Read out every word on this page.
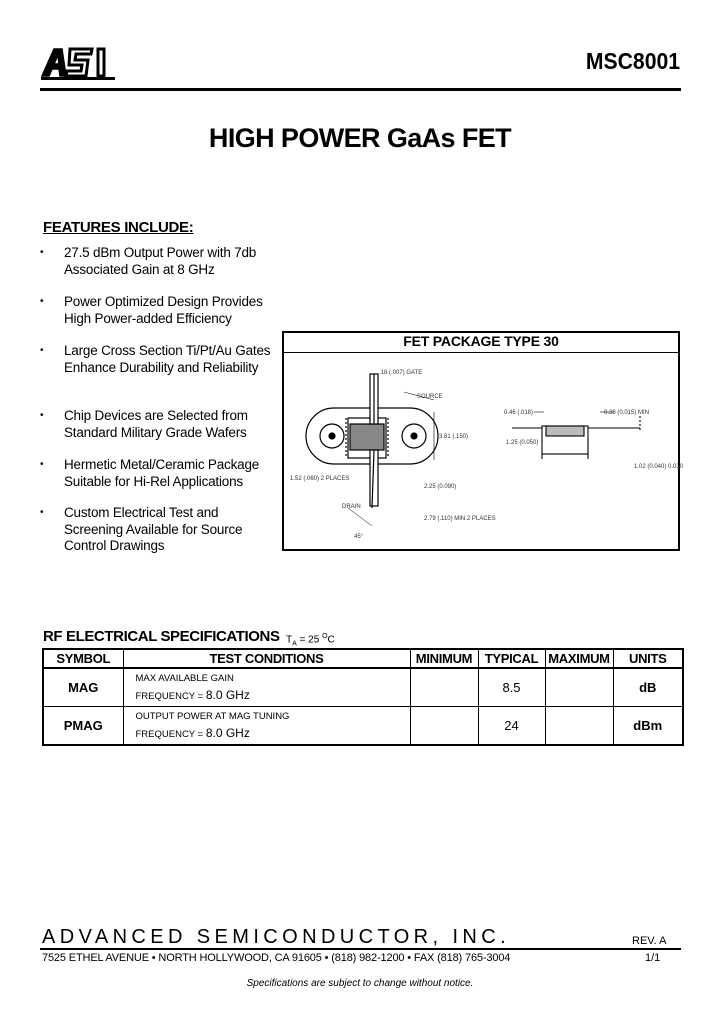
ASI
MSC8001
HIGH POWER GaAs FET
FEATURES INCLUDE:
• 27.5 dBm Output Power with 7db Associated Gain at 8 GHz
• Power Optimized Design Provides High Power-added Efficiency
• Large Cross Section Ti/Pt/Au Gates Enhance Durability and Reliability
• Chip Devices are Selected from Standard Military Grade Wafers
• Hermetic Metal/Ceramic Package Suitable for Hi-Rel Applications
• Custom Electrical Test and Screening Available for Source Control Drawings
FET PACKAGE TYPE 30
.18 (.007) GATE
SOURCE
DRAIN
3.81 (.150)
1.52 (.060) 2 PLACES
2.25 (0.090)
2.79 (.110) MIN 2 PLACES
45°
0.46 (.018)
1.25 (0.050)
0.38 (0.015) MIN
1.02 (0.040) 0.030
RF ELECTRICAL SPECIFICATIONS $T_A = 25$ $^O$C
SYMBOL	TEST CONDITIONS	MINIMUM	TYPICAL	MAXIMUM	UNITS
MAG	MAX AVAILABLE GAIN
FREQUENCY = 8.0 GHz		8.5		dB
PMAG	OUTPUT POWER AT MAG TUNING
FREQUENCY = 8.0 GHz		24		dBm
ADVANCED SEMICONDUCTOR, INC.	REV. A
7525 ETHEL AVENUE • NORTH HOLLYWOOD, CA 91605 • (818) 982-1200 • FAX (818) 765-3004	1/1
Specifications are subject to change without notice.
